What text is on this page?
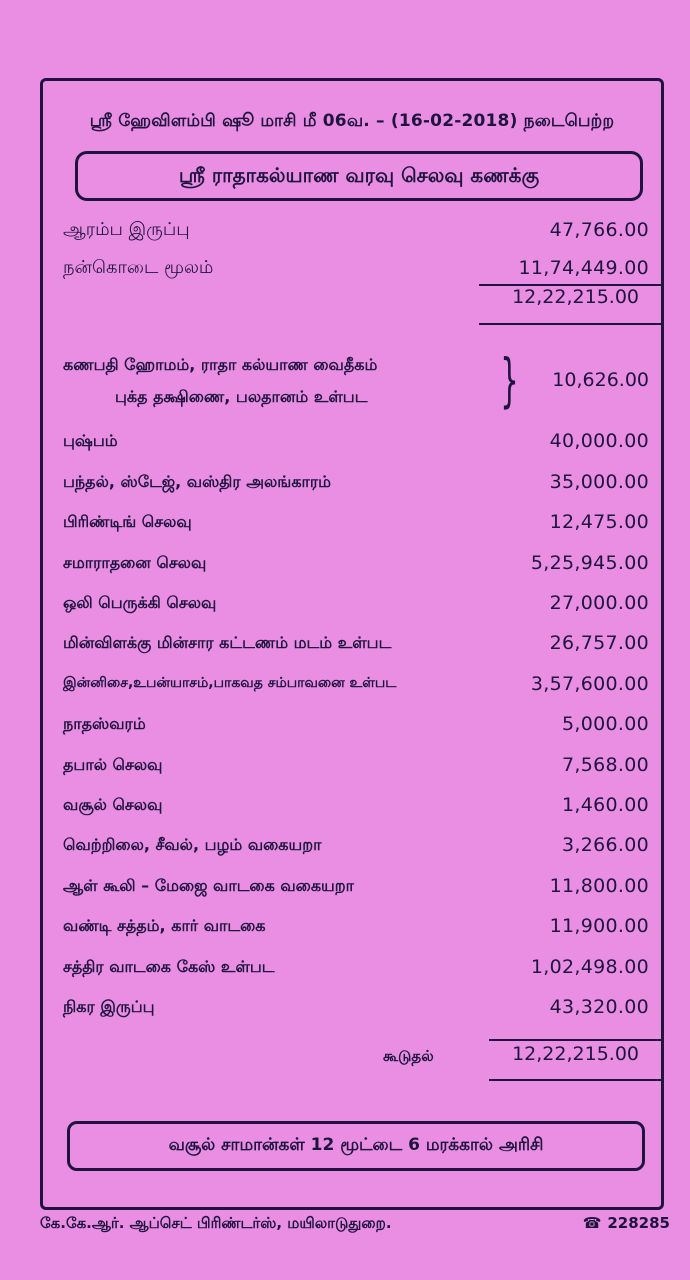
ஸ்ரீ ஹேவிளம்பி ஷூ மாசி மீ 06வ. – (16-02-2018) நடைபெற்ற
ஸ்ரீ ராதாகல்யாண வரவு செலவு கணக்கு
ஆரம்ப இருப்பு	47,766.00
நன்கொடை மூலம்	11,74,449.00
12,22,215.00
கணபதி ஹோமம், ராதா கல்யாண வைதீகம்
புக்த தக்ஷிணை, பலதானம் உள்பட } 10,626.00
புஷ்பம்	40,000.00
பந்தல், ஸ்டேஜ், வஸ்திர அலங்காரம்	35,000.00
பிரிண்டிங் செலவு	12,475.00
சமாராதனை செலவு	5,25,945.00
ஒலி பெருக்கி செலவு	27,000.00
மின்விளக்கு மின்சார கட்டணம் மடம் உள்பட	26,757.00
இன்னிசை,உபன்யாசம்,பாகவத சம்பாவனை உள்பட	3,57,600.00
நாதஸ்வரம்	5,000.00
தபால் செலவு	7,568.00
வசூல் செலவு	1,460.00
வெற்றிலை, சீவல், பழம் வகையறா	3,266.00
ஆள் கூலி – மேஜை வாடகை வகையறா	11,800.00
வண்டி சத்தம், கார் வாடகை	11,900.00
சத்திர வாடகை கேஸ் உள்பட	1,02,498.00
நிகர இருப்பு	43,320.00
கூடுதல்	12,22,215.00
வசூல் சாமான்கள் 12 மூட்டை 6 மரக்கால் அரிசி
கே.கே.ஆர். ஆப்செட் பிரிண்டர்ஸ், மயிலாடுதுறை.	☎ 228285
